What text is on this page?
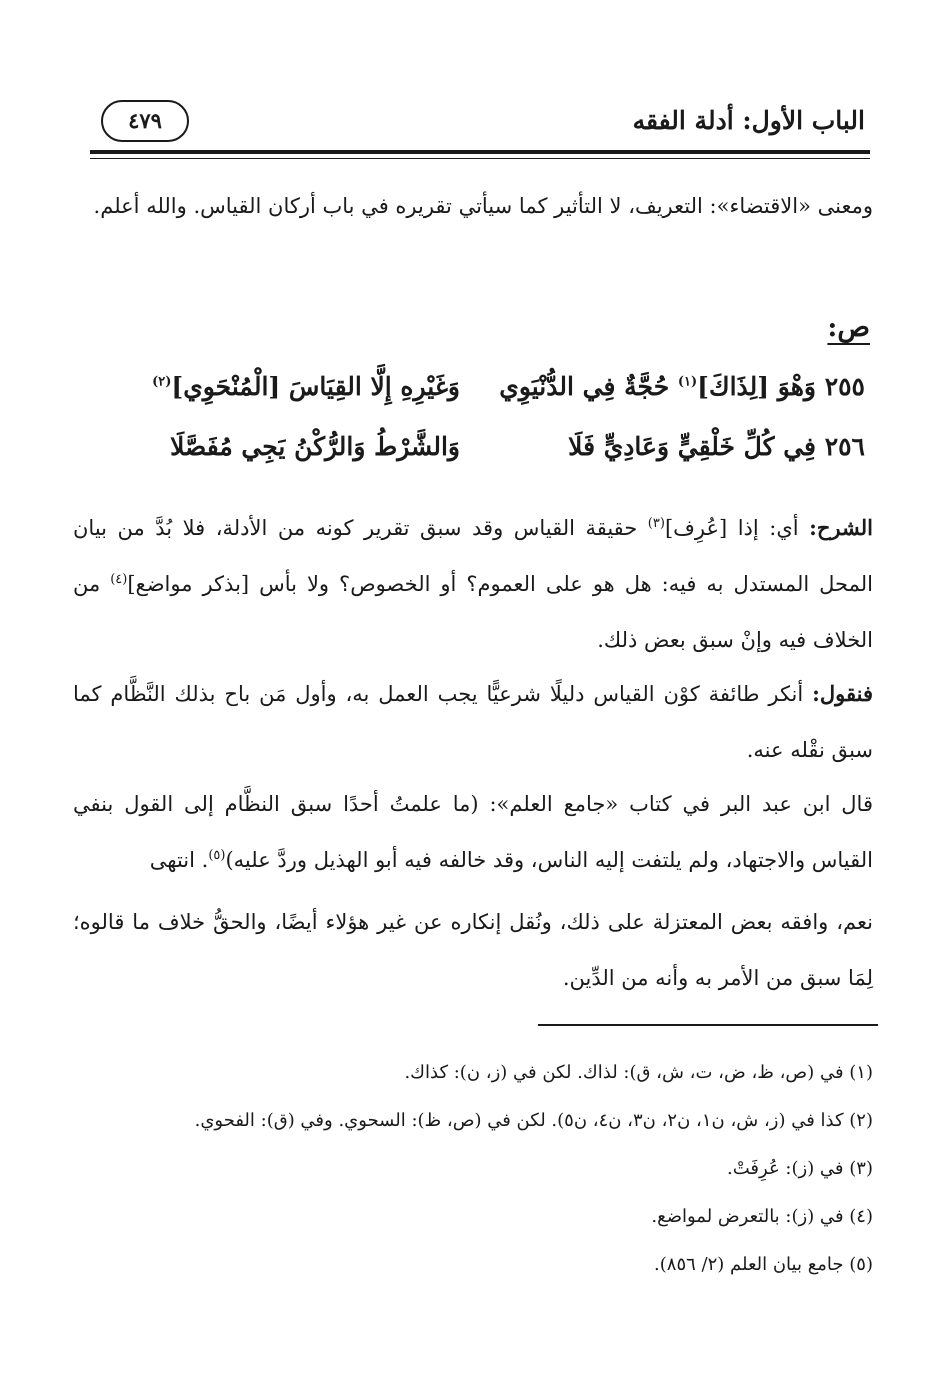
الباب الأول: أدلة الفقه
٤٧٩

ومعنى «الاقتضاء»: التعريف، لا التأثير كما سيأتي تقريره في باب أركان القياس. والله أعلم.

ص:
٢٥٥ وَهْوَ [لِذَاكَ]$^{(١)}$ حُجَّةٌ فِي الدُّنْيَوِي
وَغَيْرِهِ إِلَّا القِيَاسَ [الْمُنْحَوِي]$^{(٢)}$
٢٥٦ فِي كُلِّ خَلْقِيٍّ وَعَادِيٍّ فَلَا
وَالشَّرْطُ وَالرُّكْنُ يَجِي مُفَصَّلَا

الشرح: أي: إذا [عُرِف]$^{(٣)}$ حقيقة القياس وقد سبق تقرير كونه من الأدلة، فلا بُدَّ من بيان المحل المستدل به فيه: هل هو على العموم؟ أو الخصوص؟ ولا بأس [بذكر مواضع]$^{(٤)}$ من الخلاف فيه وإنْ سبق بعض ذلك.

فنقول: أنكر طائفة كوْن القياس دليلًا شرعيًّا يجب العمل به، وأول مَن باح بذلك النَّظَّام كما سبق نقْله عنه.

قال ابن عبد البر في كتاب «جامع العلم»: (ما علمتُ أحدًا سبق النظَّام إلى القول بنفي القياس والاجتهاد، ولم يلتفت إليه الناس، وقد خالفه فيه أبو الهذيل وردَّ عليه)$^{(٥)}$. انتهى

نعم، وافقه بعض المعتزلة على ذلك، ونُقل إنكاره عن غير هؤلاء أيضًا، والحقُّ خلاف ما قالوه؛ لِمَا سبق من الأمر به وأنه من الدِّين.

(١) في (ص، ظ، ض، ت، ش، ق): لذاك. لكن في (ز، ن): كذاك.
(٢) كذا في (ز، ش، ن١، ن٢، ن٣، ن٤، ن٥). لكن في (ص، ظ): السحوي. وفي (ق): الفحوي.
(٣) في (ز): عُرِفَتْ.
(٤) في (ز): بالتعرض لمواضع.
(٥) جامع بيان العلم (٢/ ٨٥٦).
